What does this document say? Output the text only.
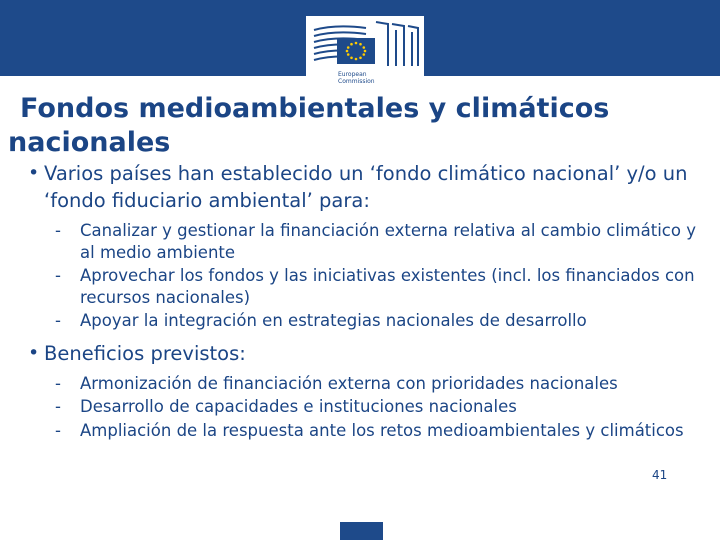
European Commission
Fondos medioambientales y climáticos
nacionales

• Varios países han establecido un ‘fondo climático nacional’ y/o un ‘fondo fiduciario ambiental’ para:

- Canalizar y gestionar la financiación externa relativa al cambio climático y al medio ambiente
- Aprovechar los fondos y las iniciativas existentes (incl. los financiados con recursos nacionales)
- Apoyar la integración en estrategias nacionales de desarrollo

• Beneficios previstos:

- Armonización de financiación externa con prioridades nacionales
- Desarrollo de capacidades e instituciones nacionales
- Ampliación de la respuesta ante los retos medioambientales y climáticos
41
